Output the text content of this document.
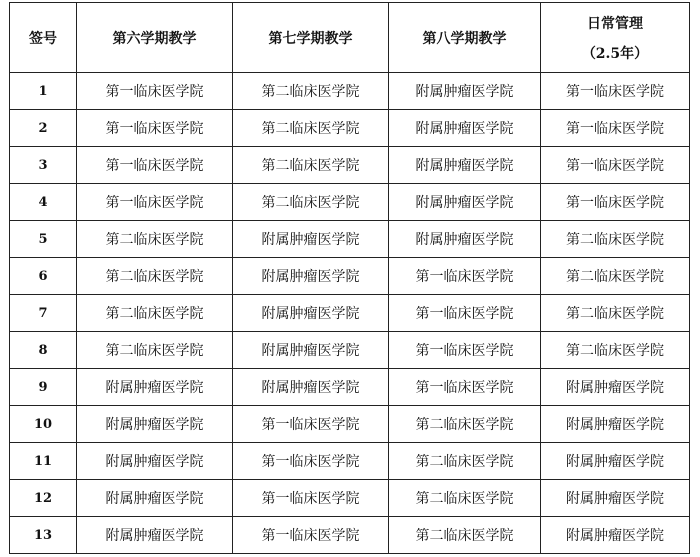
签号	第六学期教学	第七学期教学	第八学期教学	日常管理
（2.5年）

1	第一临床医学院	第二临床医学院	附属肿瘤医学院	第一临床医学院
2	第一临床医学院	第二临床医学院	附属肿瘤医学院	第一临床医学院
3	第一临床医学院	第二临床医学院	附属肿瘤医学院	第一临床医学院
4	第一临床医学院	第二临床医学院	附属肿瘤医学院	第一临床医学院
5	第二临床医学院	附属肿瘤医学院	附属肿瘤医学院	第二临床医学院
6	第二临床医学院	附属肿瘤医学院	第一临床医学院	第二临床医学院
7	第二临床医学院	附属肿瘤医学院	第一临床医学院	第二临床医学院
8	第二临床医学院	附属肿瘤医学院	第一临床医学院	第二临床医学院
9	附属肿瘤医学院	附属肿瘤医学院	第一临床医学院	附属肿瘤医学院
10	附属肿瘤医学院	第一临床医学院	第二临床医学院	附属肿瘤医学院
11	附属肿瘤医学院	第一临床医学院	第二临床医学院	附属肿瘤医学院
12	附属肿瘤医学院	第一临床医学院	第二临床医学院	附属肿瘤医学院
13	附属肿瘤医学院	第一临床医学院	第二临床医学院	附属肿瘤医学院
